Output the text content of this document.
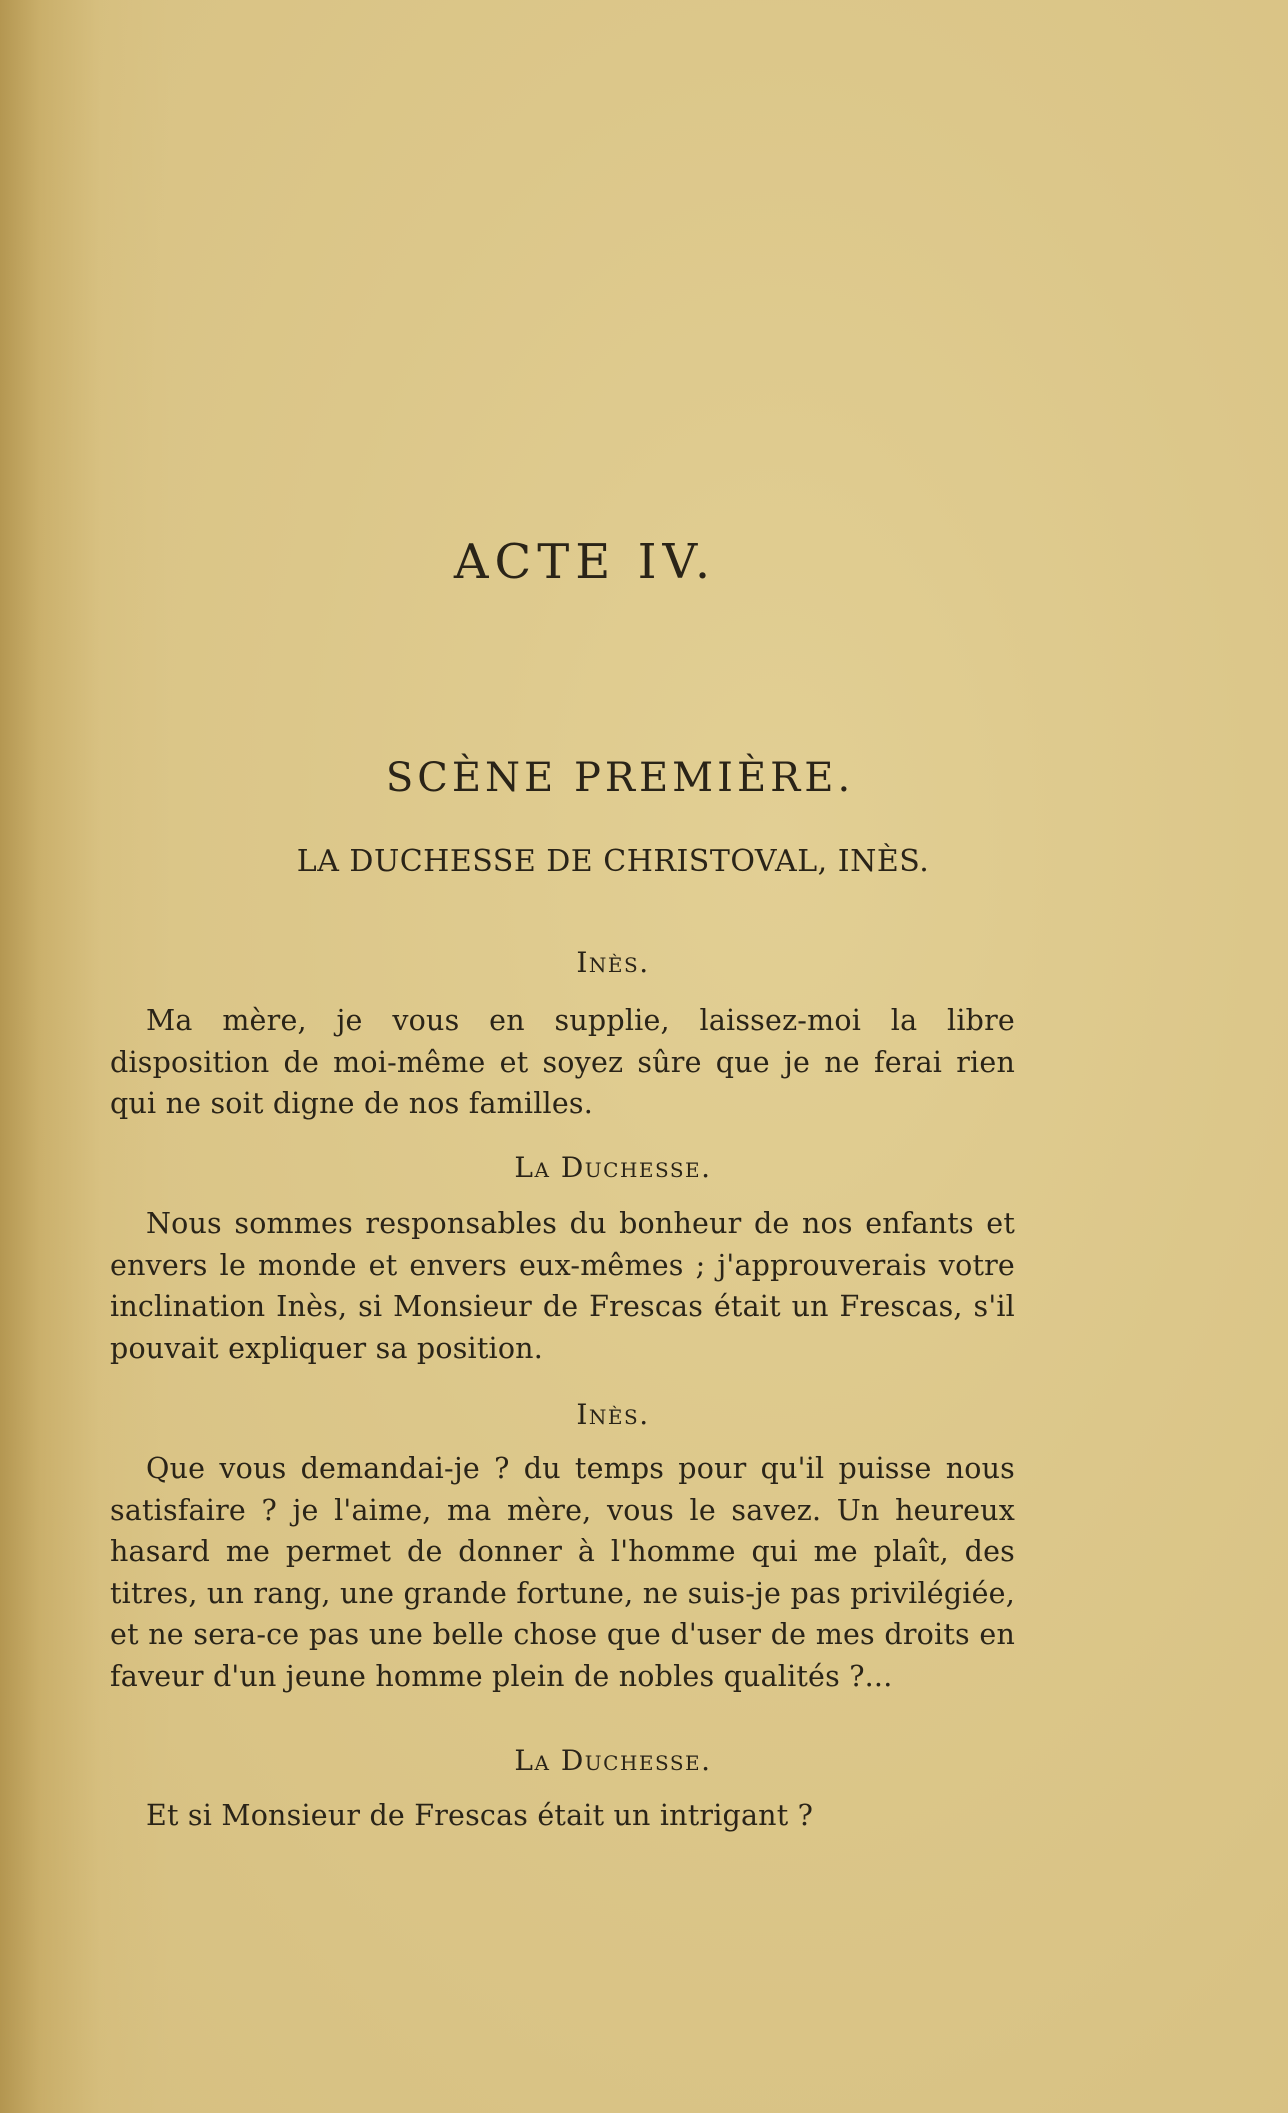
ACTE IV.
SCÈNE PREMIÈRE.
LA DUCHESSE DE CHRISTOVAL, INÈS.
Inès.

Ma mère, je vous en supplie, laissez-moi la libre disposition de moi-même et soyez sûre que je ne ferai rien qui ne soit digne de nos familles.

La Duchesse.

Nous sommes responsables du bonheur de nos enfants et envers le monde et envers eux-mêmes ; j'approuverais votre inclination Inès, si Monsieur de Frescas était un Frescas, s'il pouvait expliquer sa position.

Inès.

Que vous demandai-je ? du temps pour qu'il puisse nous satisfaire ? je l'aime, ma mère, vous le savez. Un heureux hasard me permet de donner à l'homme qui me plaît, des titres, un rang, une grande fortune, ne suis-je pas privilégiée, et ne sera-ce pas une belle chose que d'user de mes droits en faveur d'un jeune homme plein de nobles qualités ?...

La Duchesse.

Et si Monsieur de Frescas était un intrigant ?
